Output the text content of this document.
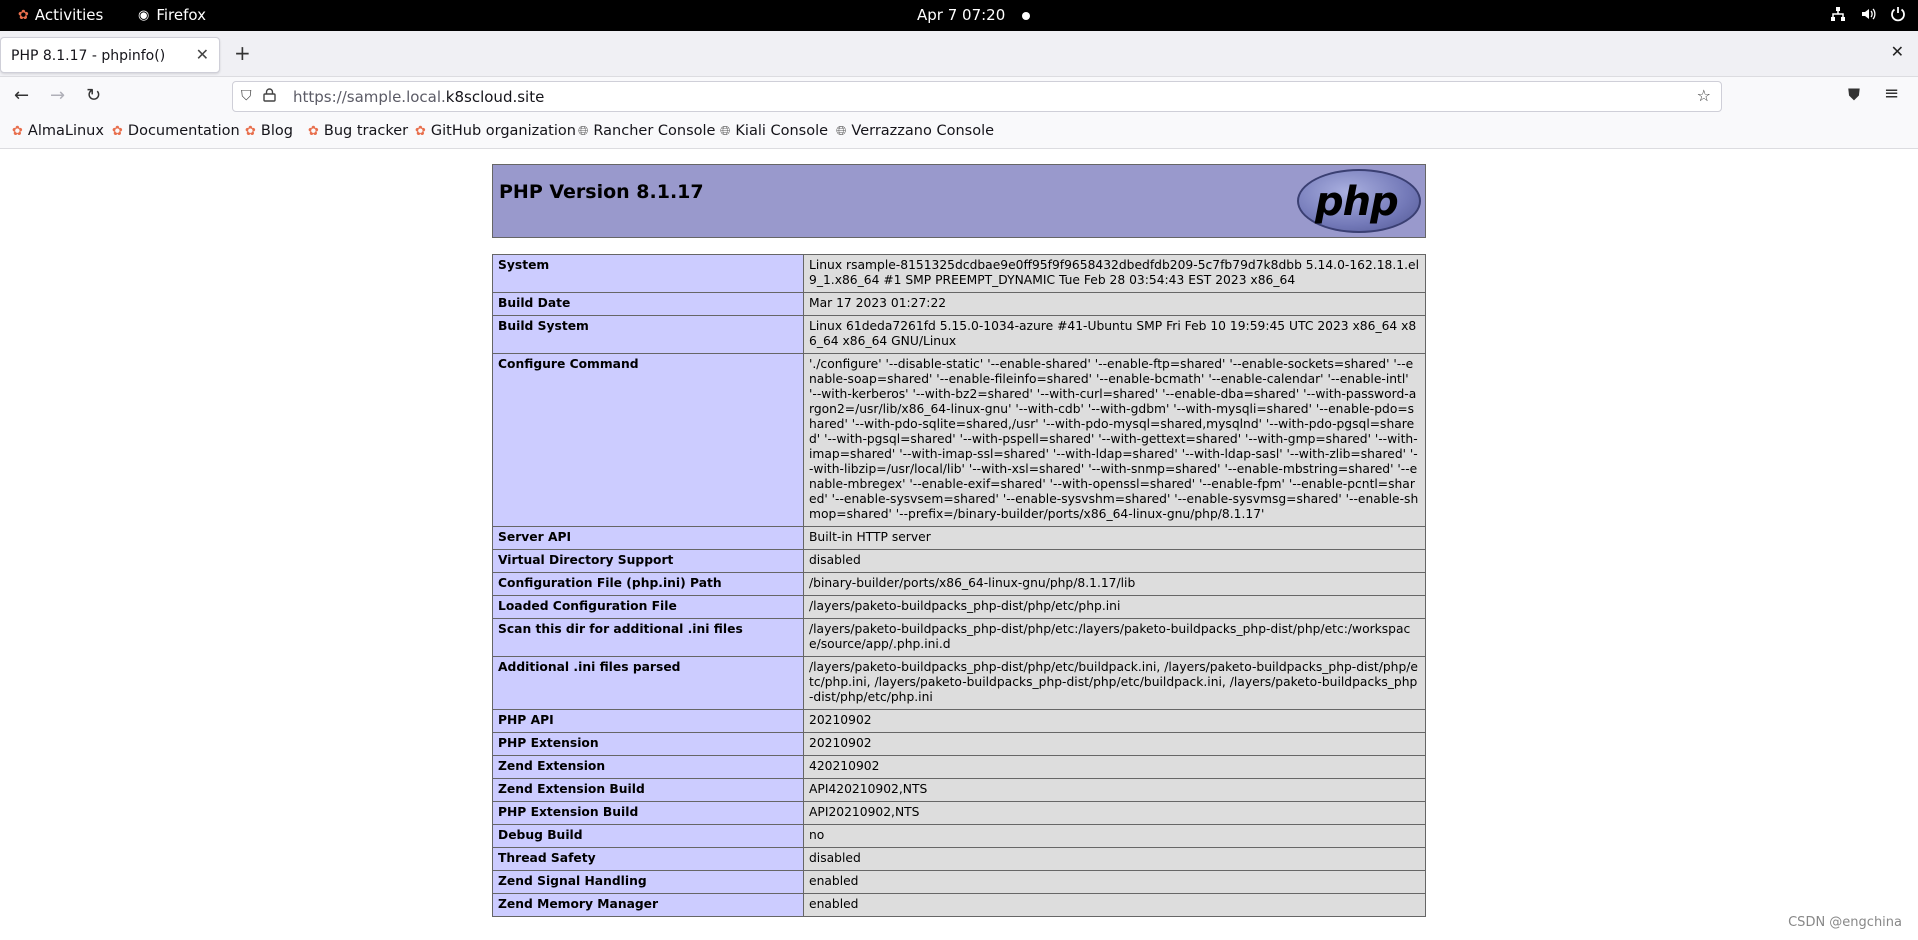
✿ Activities	◉ Firefox	Apr 7 07:20
PHP 8.1.17 - phpinfo() ✕ +	✕
← → ↻	⛉	https://sample.local.k8scloud.site	☆	⛊ ≡
✿ AlmaLinux ✿ Documentation ✿ Blog ✿ Bug tracker ✿ GitHub organization 🌐︎ Rancher Console 🌐︎ Kiali Console 🌐︎ Verrazzano Console
PHP Version 8.1.17	php
System	Linux rsample-8151325dcdbae9e0ff95f9f9658432dbedfdb209-5c7fb79d7k8dbb 5.14.0-162.18.1.el9_1.x86_64 #1 SMP PREEMPT_DYNAMIC Tue Feb 28 03:54:43 EST 2023 x86_64
Build Date	Mar 17 2023 01:27:22
Build System	Linux 61deda7261fd 5.15.0-1034-azure #41-Ubuntu SMP Fri Feb 10 19:59:45 UTC 2023 x86_64 x86_64 x86_64 GNU/Linux
Configure Command	'./configure' '--disable-static' '--enable-shared' '--enable-ftp=shared' '--enable-sockets=shared' '--enable-soap=shared' '--enable-fileinfo=shared' '--enable-bcmath' '--enable-calendar' '--enable-intl' '--with-kerberos' '--with-bz2=shared' '--with-curl=shared' '--enable-dba=shared' '--with-password-argon2=/usr/lib/x86_64-linux-gnu' '--with-cdb' '--with-gdbm' '--with-mysqli=shared' '--enable-pdo=shared' '--with-pdo-sqlite=shared,/usr' '--with-pdo-mysql=shared,mysqlnd' '--with-pdo-pgsql=shared' '--with-pgsql=shared' '--with-pspell=shared' '--with-gettext=shared' '--with-gmp=shared' '--with-imap=shared' '--with-imap-ssl=shared' '--with-ldap=shared' '--with-ldap-sasl' '--with-zlib=shared' '--with-libzip=/usr/local/lib' '--with-xsl=shared' '--with-snmp=shared' '--enable-mbstring=shared' '--enable-mbregex' '--enable-exif=shared' '--with-openssl=shared' '--enable-fpm' '--enable-pcntl=shared' '--enable-sysvsem=shared' '--enable-sysvshm=shared' '--enable-sysvmsg=shared' '--enable-shmop=shared' '--prefix=/binary-builder/ports/x86_64-linux-gnu/php/8.1.17'
Server API	Built-in HTTP server
Virtual Directory Support	disabled
Configuration File (php.ini) Path	/binary-builder/ports/x86_64-linux-gnu/php/8.1.17/lib
Loaded Configuration File	/layers/paketo-buildpacks_php-dist/php/etc/php.ini
Scan this dir for additional .ini files	/layers/paketo-buildpacks_php-dist/php/etc:/layers/paketo-buildpacks_php-dist/php/etc:/workspace/source/app/.php.ini.d
Additional .ini files parsed	/layers/paketo-buildpacks_php-dist/php/etc/buildpack.ini, /layers/paketo-buildpacks_php-dist/php/etc/php.ini, /layers/paketo-buildpacks_php-dist/php/etc/buildpack.ini, /layers/paketo-buildpacks_php-dist/php/etc/php.ini
PHP API	20210902
PHP Extension	20210902
Zend Extension	420210902
Zend Extension Build	API420210902,NTS
PHP Extension Build	API20210902,NTS
Debug Build	no
Thread Safety	disabled
Zend Signal Handling	enabled
Zend Memory Manager	enabled
CSDN @engchina
